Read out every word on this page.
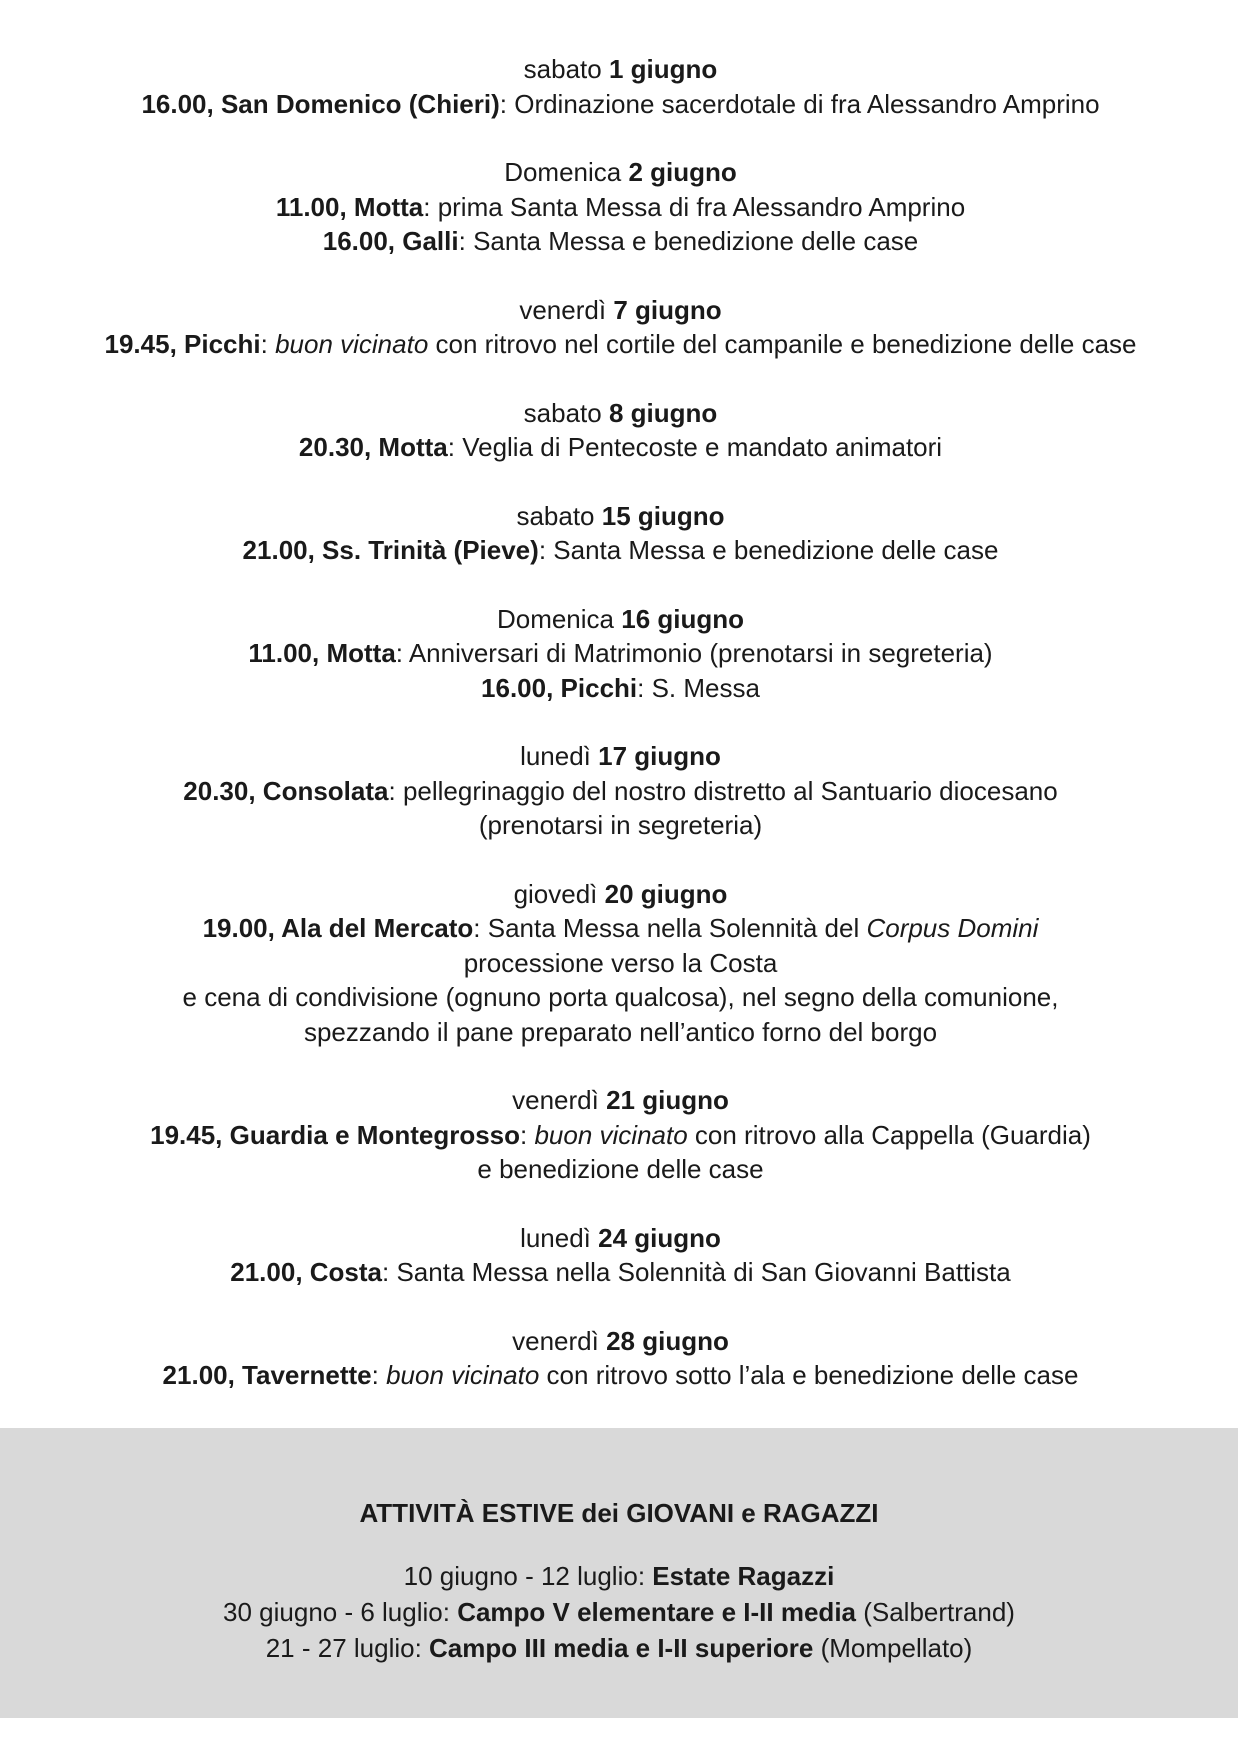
sabato 1 giugno
16.00, San Domenico (Chieri): Ordinazione sacerdotale di fra Alessandro Amprino
Domenica 2 giugno
11.00, Motta: prima Santa Messa di fra Alessandro Amprino
16.00, Galli: Santa Messa e benedizione delle case
venerdì 7 giugno
19.45, Picchi: buon vicinato con ritrovo nel cortile del campanile e benedizione delle case
sabato 8 giugno
20.30, Motta: Veglia di Pentecoste e mandato animatori
sabato 15 giugno
21.00, Ss. Trinità (Pieve): Santa Messa e benedizione delle case
Domenica 16 giugno
11.00, Motta: Anniversari di Matrimonio (prenotarsi in segreteria)
16.00, Picchi: S. Messa
lunedì 17 giugno
20.30, Consolata: pellegrinaggio del nostro distretto al Santuario diocesano
(prenotarsi in segreteria)
giovedì 20 giugno
19.00, Ala del Mercato: Santa Messa nella Solennità del Corpus Domini
processione verso la Costa
e cena di condivisione (ognuno porta qualcosa), nel segno della comunione,
spezzando il pane preparato nell’antico forno del borgo
venerdì 21 giugno
19.45, Guardia e Montegrosso: buon vicinato con ritrovo alla Cappella (Guardia)
e benedizione delle case
lunedì 24 giugno
21.00, Costa: Santa Messa nella Solennità di San Giovanni Battista
venerdì 28 giugno
21.00, Tavernette: buon vicinato con ritrovo sotto l’ala e benedizione delle case
ATTIVITÀ ESTIVE dei GIOVANI e RAGAZZI
10 giugno - 12 luglio: Estate Ragazzi
30 giugno - 6 luglio: Campo V elementare e I-II media (Salbertrand)
21 - 27 luglio: Campo III media e I-II superiore (Mompellato)
